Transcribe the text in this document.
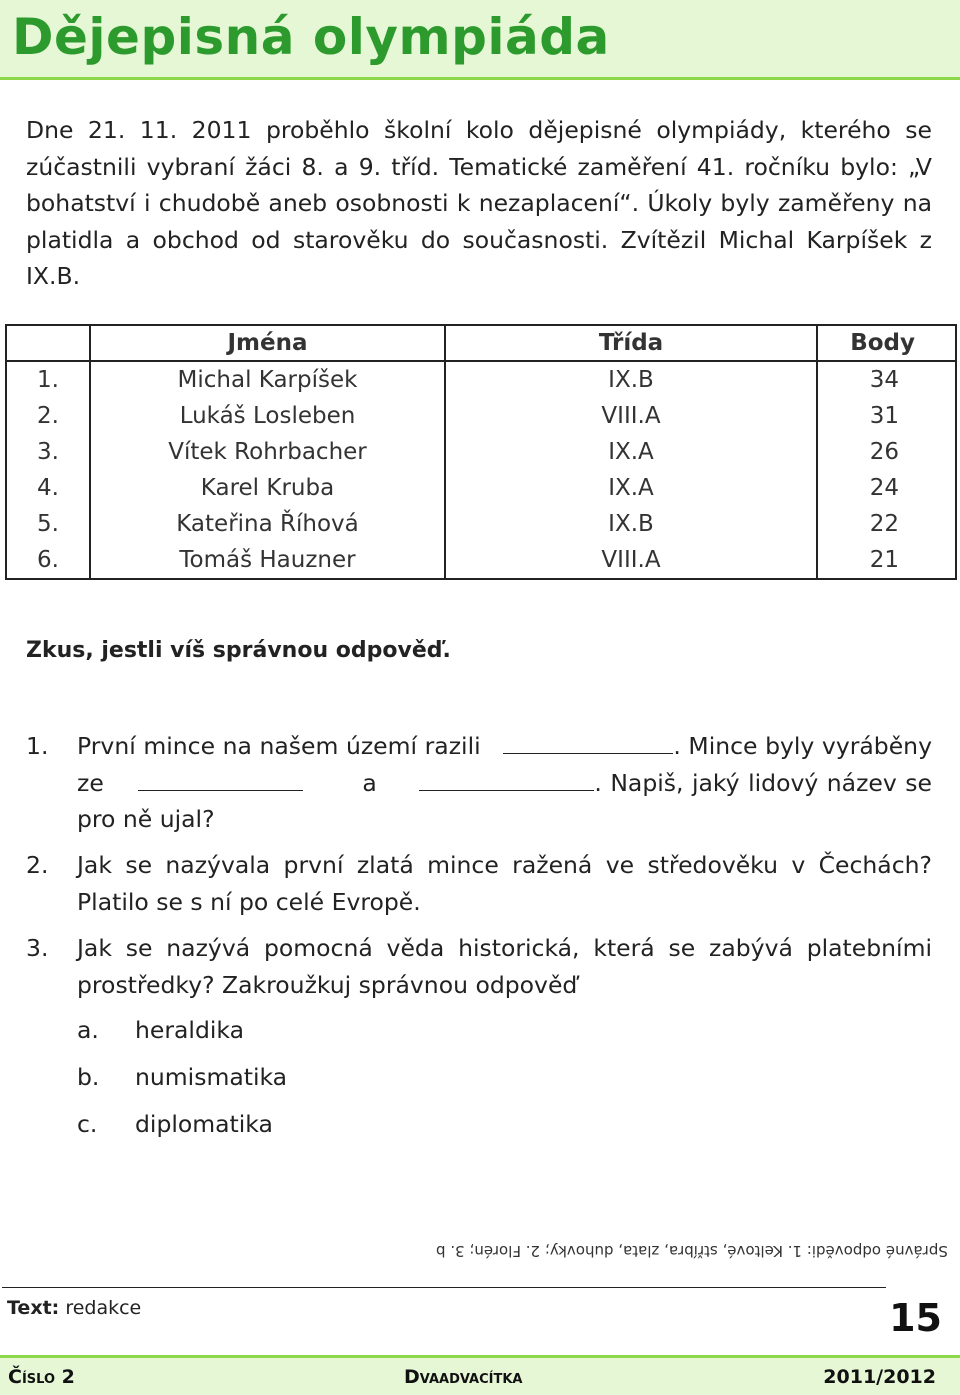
Dějepisná olympiáda
Dne 21. 11. 2011 proběhlo školní kolo dějepisné olympiády, kterého se zúčastnili vybraní žáci 8. a 9. tříd. Tematické zaměření 41. ročníku bylo: „V bohatství i chudobě aneb osobnosti k nezaplacení“. Úkoly byly zaměřeny na platidla a obchod od starověku do současnosti. Zvítězil Michal Karpíšek z IX.B.
	Jména	Třída	Body
1.	Michal Karpíšek	IX.B	34
2.	Lukáš Losleben	VIII.A	31
3.	Vítek Rohrbacher	IX.A	26
4.	Karel Kruba	IX.A	24
5.	Kateřina Říhová	IX.B	22
6.	Tomáš Hauzner	VIII.A	21
Zkus, jestli víš správnou odpověď.
1. První mince na našem území razili	. Mince byly vyráběny ze	a	. Napiš, jaký lidový název se pro ně ujal?
2. Jak se nazývala první zlatá mince ražená ve středověku v Čechách? Platilo se s ní po celé Evropě.
3. Jak se nazývá pomocná věda historická, která se zabývá platebními prostředky? Zakroužkuj správnou odpověď
a. heraldika
b. numismatika
c. diplomatika
Správné odpovědi: 1. Keltové, stříbra, zlata, duhovky; 2. Florén; 3. b
Text: redakce	15
Číslo 2	Dvaadvacítka	2011/2012
